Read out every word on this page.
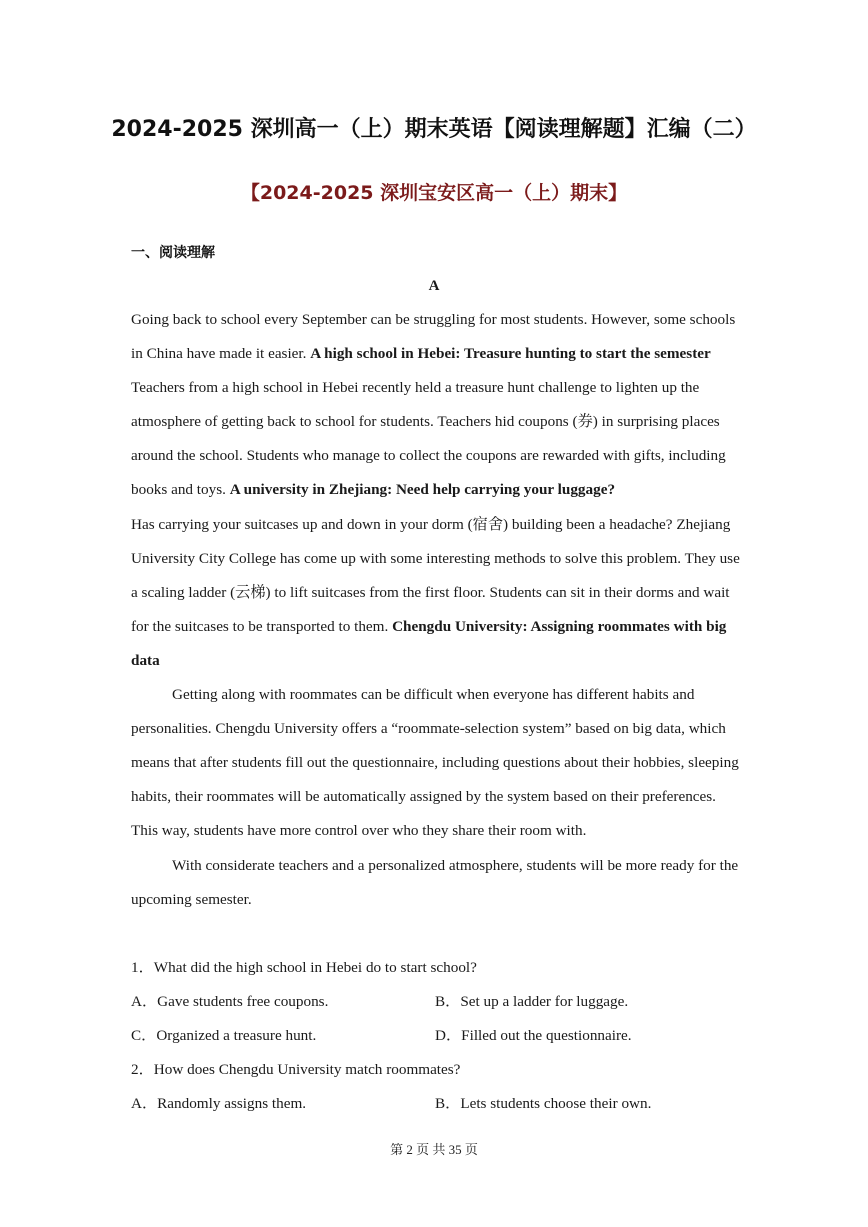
2024-2025 深圳高一（上）期末英语【阅读理解题】汇编（二）
【2024-2025 深圳宝安区高一（上）期末】
一、阅读理解
A

Going back to school every September can be struggling for most students. However, some schools in China have made it easier. A high school in Hebei: Treasure hunting to start the semester

Teachers from a high school in Hebei recently held a treasure hunt challenge to lighten up the atmosphere of getting back to school for students. Teachers hid coupons (券) in surprising places around the school. Students who manage to collect the coupons are rewarded with gifts, including books and toys. A university in Zhejiang: Need help carrying your luggage?

Has carrying your suitcases up and down in your dorm (宿舍) building been a headache? Zhejiang University City College has come up with some interesting methods to solve this problem. They use a scaling ladder (云梯) to lift suitcases from the first floor. Students can sit in their dorms and wait for the suitcases to be transported to them. Chengdu University: Assigning roommates with big data

Getting along with roommates can be difficult when everyone has different habits and personalities. Chengdu University offers a “roommate-selection system” based on big data, which means that after students fill out the questionnaire, including questions about their hobbies, sleeping habits, their roommates will be automatically assigned by the system based on their preferences. This way, students have more control over who they share their room with.

With considerate teachers and a personalized atmosphere, students will be more ready for the upcoming semester.

1．What did the high school in Hebei do to start school?
A．Gave students free coupons.	B．Set up a ladder for luggage.
C．Organized a treasure hunt.	D．Filled out the questionnaire.
2．How does Chengdu University match roommates?
A．Randomly assigns them.	B．Lets students choose their own.
第 2 页 共 35 页
